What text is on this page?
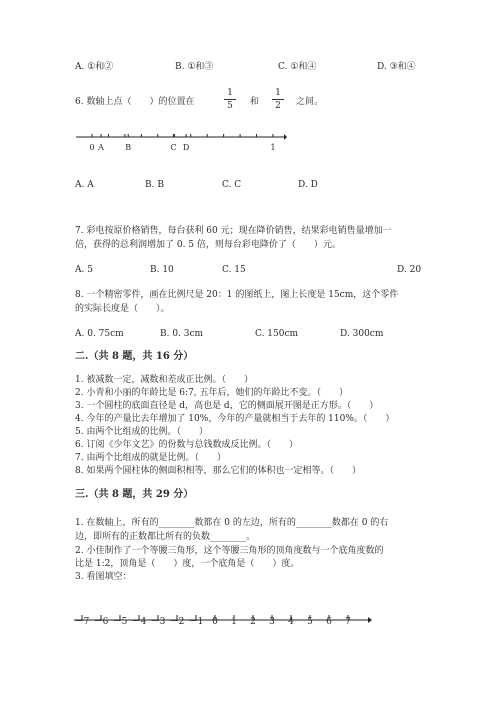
A. ①和②	B. ①和③	C. ①和④	D. ③和④
6. 数轴上点（　　）的位置在
1
5	和
1
2	之间。
0 A	B	C D	1
A. A	B. B	C. C	D. D
7. 彩电按原价格销售，每台获利 60 元；现在降价销售，结果彩电销售量增加一
倍，获得的总利润增加了 0. 5 倍，则每台彩电降价了（　　）元。
A. 5	B. 10	C. 15	D. 20
8. 一个精密零件，画在比例尺是 20：1 的图纸上，图上长度是 15cm，这个零件
的实际长度是（　　）。
A. 0. 75cm	B. 0. 3cm	C. 150cm	D. 300cm
二.（共 8 题，共 16 分）
1. 被减数一定，减数和差成正比例。（　　）
2. 小青和小丽的年龄比是 6:7, 五年后，她们的年龄比不变。（　　）
3. 一个圆柱的底面直径是 d，高也是 d，它的侧面展开图是正方形。（　　）
4. 今年的产量比去年增加了 10%，今年的产量就相当于去年的 110%。（　　）
5. 由两个比组成的比例。（　　）
6. 订阅《少年文艺》的份数与总钱数成反比例。（　　）
7. 由两个比组成的就是比例。（　　）
8. 如果两个圆柱体的侧面积相等，那么它们的体积也一定相等。（　　）
三.（共 8 题，共 29 分）
1. 在数轴上，所有的________数都在 0 的左边，所有的________数都在 0 的右
边，即所有的正数都比所有的负数________。
2. 小佳制作了一个等腰三角形，这个等腰三角形的顶角度数与一个底角度数的
比是 1:2，顶角是（　　）度，一个底角是（　　）度。
3. 看图填空：
－7 －6 －5 －4 －3 －2 －1 0 1 2 3 4 5 6 7
